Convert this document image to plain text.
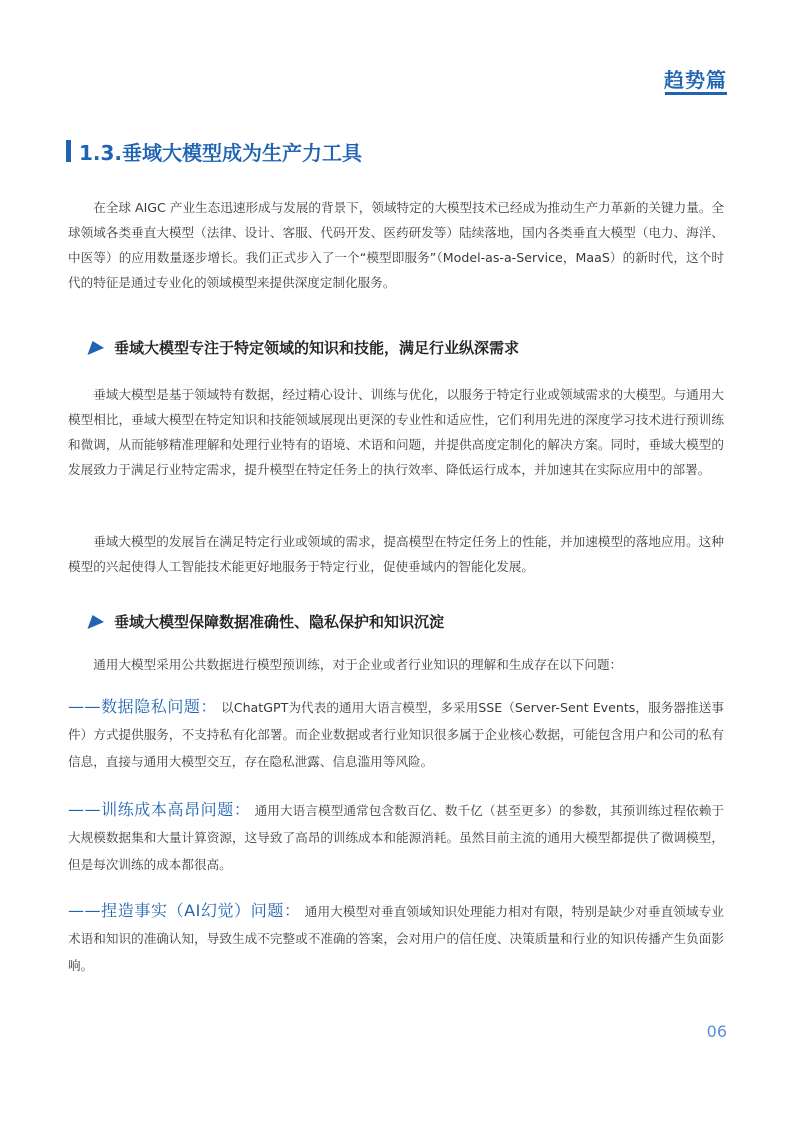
趋势篇
1.3.垂域大模型成为生产力工具

在全球 AIGC 产业生态迅速形成与发展的背景下，领域特定的大模型技术已经成为推动生产力革新的关键力量。全球领域各类垂直大模型（法律、设计、客服、代码开发、医药研发等）陆续落地，国内各类垂直大模型（电力、海洋、中医等）的应用数量逐步增长。我们正式步入了一个“模型即服务”（Model-as-a-Service，MaaS）的新时代，这个时代的特征是通过专业化的领域模型来提供深度定制化服务。

垂域大模型专注于特定领域的知识和技能，满足行业纵深需求

垂域大模型是基于领域特有数据，经过精心设计、训练与优化，以服务于特定行业或领域需求的大模型。与通用大模型相比，垂域大模型在特定知识和技能领域展现出更深的专业性和适应性，它们利用先进的深度学习技术进行预训练和微调，从而能够精准理解和处理行业特有的语境、术语和问题，并提供高度定制化的解决方案。同时，垂域大模型的发展致力于满足行业特定需求，提升模型在特定任务上的执行效率、降低运行成本，并加速其在实际应用中的部署。

垂域大模型的发展旨在满足特定行业或领域的需求，提高模型在特定任务上的性能，并加速模型的落地应用。这种模型的兴起使得人工智能技术能更好地服务于特定行业，促使垂域内的智能化发展。

垂域大模型保障数据准确性、隐私保护和知识沉淀

通用大模型采用公共数据进行模型预训练，对于企业或者行业知识的理解和生成存在以下问题：

——数据隐私问题： 以ChatGPT为代表的通用大语言模型，多采用SSE（Server-Sent Events，服务器推送事件）方式提供服务，不支持私有化部署。而企业数据或者行业知识很多属于企业核心数据，可能包含用户和公司的私有信息，直接与通用大模型交互，存在隐私泄露、信息滥用等风险。

——训练成本高昂问题： 通用大语言模型通常包含数百亿、数千亿（甚至更多）的参数，其预训练过程依赖于大规模数据集和大量计算资源，这导致了高昂的训练成本和能源消耗。虽然目前主流的通用大模型都提供了微调模型，但是每次训练的成本都很高。

——捏造事实（AI幻觉）问题： 通用大模型对垂直领域知识处理能力相对有限，特别是缺少对垂直领域专业术语和知识的准确认知，导致生成不完整或不准确的答案，会对用户的信任度、决策质量和行业的知识传播产生负面影响。

06
